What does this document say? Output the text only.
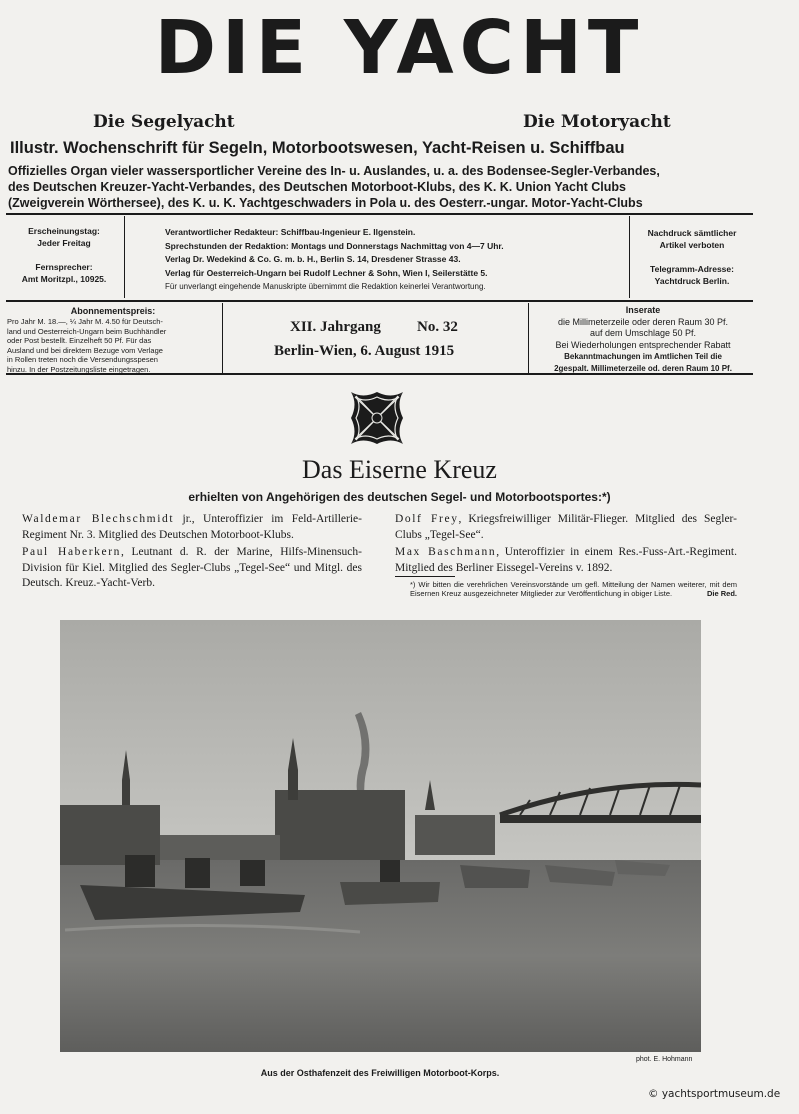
DIE YACHT
Die Segelyacht	Die Motoryacht
Illustr. Wochenschrift für Segeln, Motorbootswesen, Yacht-Reisen u. Schiffbau
Offizielles Organ vieler wassersportlicher Vereine des In- u. Auslandes, u. a. des Bodensee-Segler-Verbandes,
des Deutschen Kreuzer-Yacht-Verbandes, des Deutschen Motorboot-Klubs, des K. K. Union Yacht Clubs
(Zweigverein Wörthersee), des K. u. K. Yachtgeschwaders in Pola u. des Oesterr.-ungar. Motor-Yacht-Clubs
Erscheinungstag:
Jeder Freitag
Fernsprecher:
Amt Moritzpl., 10925.
Verantwortlicher Redakteur: Schiffbau-Ingenieur E. Ilgenstein.
Sprechstunden der Redaktion: Montags und Donnerstags Nachmittag von 4—7 Uhr.
Verlag Dr. Wedekind & Co. G. m. b. H., Berlin S. 14, Dresdener Strasse 43.
Verlag für Oesterreich-Ungarn bei Rudolf Lechner & Sohn, Wien I, Seilerstätte 5.
Für unverlangt eingehende Manuskripte übernimmt die Redaktion keinerlei Verantwortung.
Nachdruck sämtlicher
Artikel verboten
Telegramm-Adresse:
Yachtdruck Berlin.
Abonnementspreis:
Pro Jahr M. 18.—, ¼ Jahr M. 4.50 für Deutsch-
land und Oesterreich-Ungarn beim Buchhändler
oder Post bestellt. Einzelheft 50 Pf. Für das
Ausland und bei direktem Bezuge vom Verlage
in Rollen treten noch die Versendungsspesen
hinzu. In der Postzeitungsliste eingetragen.
XII. Jahrgang No. 32
Berlin-Wien, 6. August 1915
Inserate
die Millimeterzeile oder deren Raum 30 Pf.
auf dem Umschlage 50 Pf.
Bei Wiederholungen entsprechender Rabatt
Bekanntmachungen im Amtlichen Teil die
2gespalt. Millimeterzeile od. deren Raum 10 Pf.
Das Eiserne Kreuz
erhielten von Angehörigen des deutschen Segel- und Motorbootsportes:*)
Waldemar Blechschmidt jr., Unteroffizier im Feld-Artillerie-Regiment Nr. 3. Mitglied des Deutschen Motorboot-Klubs.
Paul Haberkern, Leutnant d. R. der Marine, Hilfs-Minensuch-Division für Kiel. Mitglied des Segler-Clubs „Tegel-See“ und Mitgl. des Deutsch. Kreuz.-Yacht-Verb.
Dolf Frey, Kriegsfreiwilliger Militär-Flieger. Mitglied des Segler-Clubs „Tegel-See“.
Max Baschmann, Unteroffizier in einem Res.-Fuss-Art.-Regiment. Mitglied des Berliner Eissegel-Vereins v. 1892.
*) Wir bitten die verehrlichen Vereinsvorstände um gefl. Mitteilung der Namen weiterer, mit dem Eisernen Kreuz ausgezeichneter Mitglieder zur Veröffentlichung in obiger Liste.	Die Red.
phot. E. Hohmann
Aus der Osthafenzeit des Freiwilligen Motorboot-Korps.
© yachtsportmuseum.de
